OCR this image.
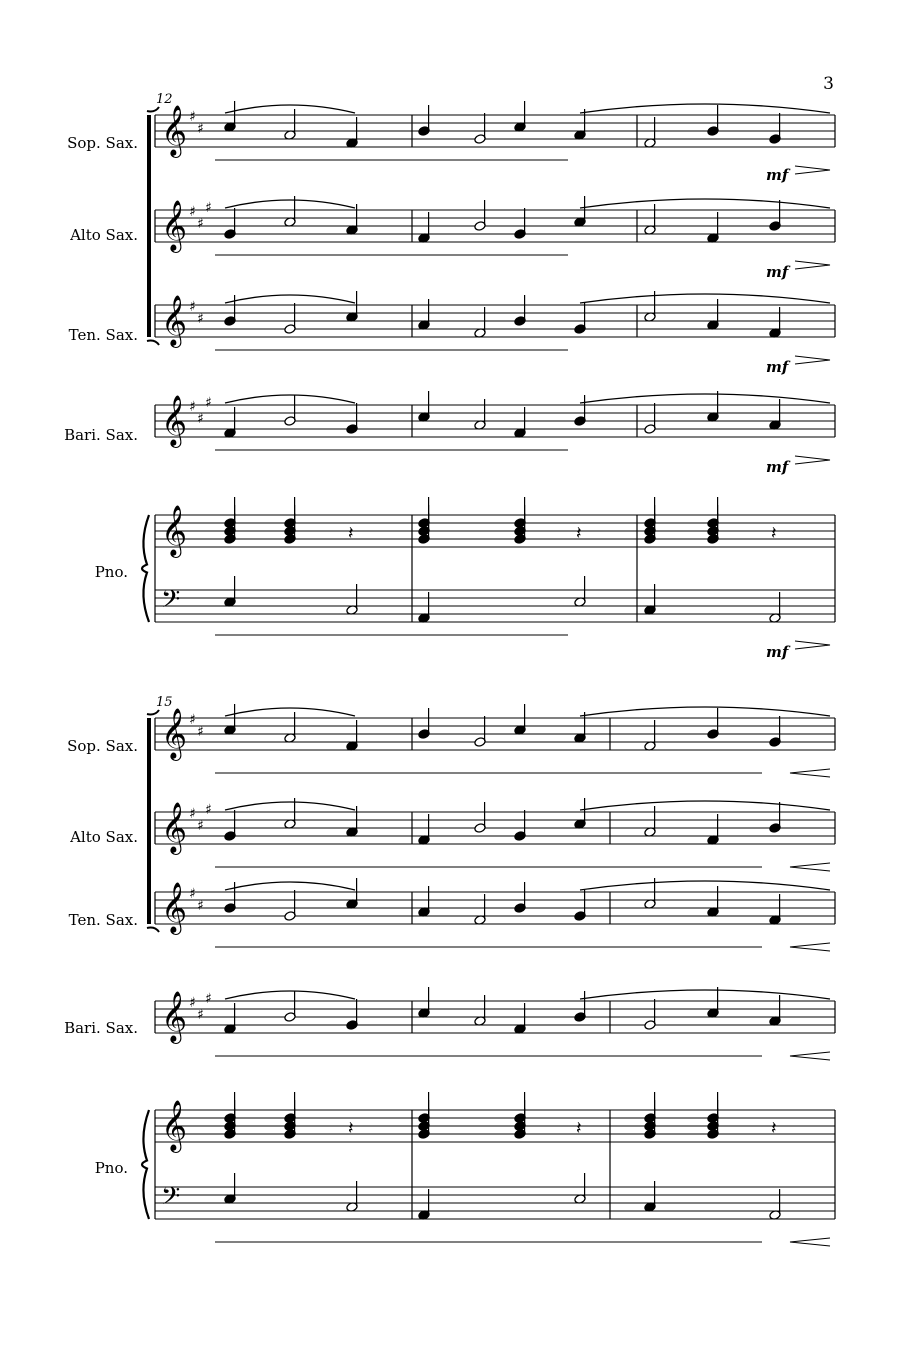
𝄞 ♯
♯
𝄞 ♯
♯
♯
𝄞 ♯
♯
𝄞 ♯
♯
♯
𝄞
𝄢
𝄽	𝄽	𝄽
𝄞 ♯
♯
𝄞 ♯
♯
♯
𝄞 ♯
♯
𝄞 ♯
♯
♯
𝄞
𝄢
𝄽	𝄽	𝄽
3
Sop. Sax.
Alto Sax.
Ten. Sax.
Bari. Sax.
Pno.
Sop. Sax.
Alto Sax.
Ten. Sax.
Bari. Sax.
Pno.
12
15
mf
mf
mf
mf
mf
